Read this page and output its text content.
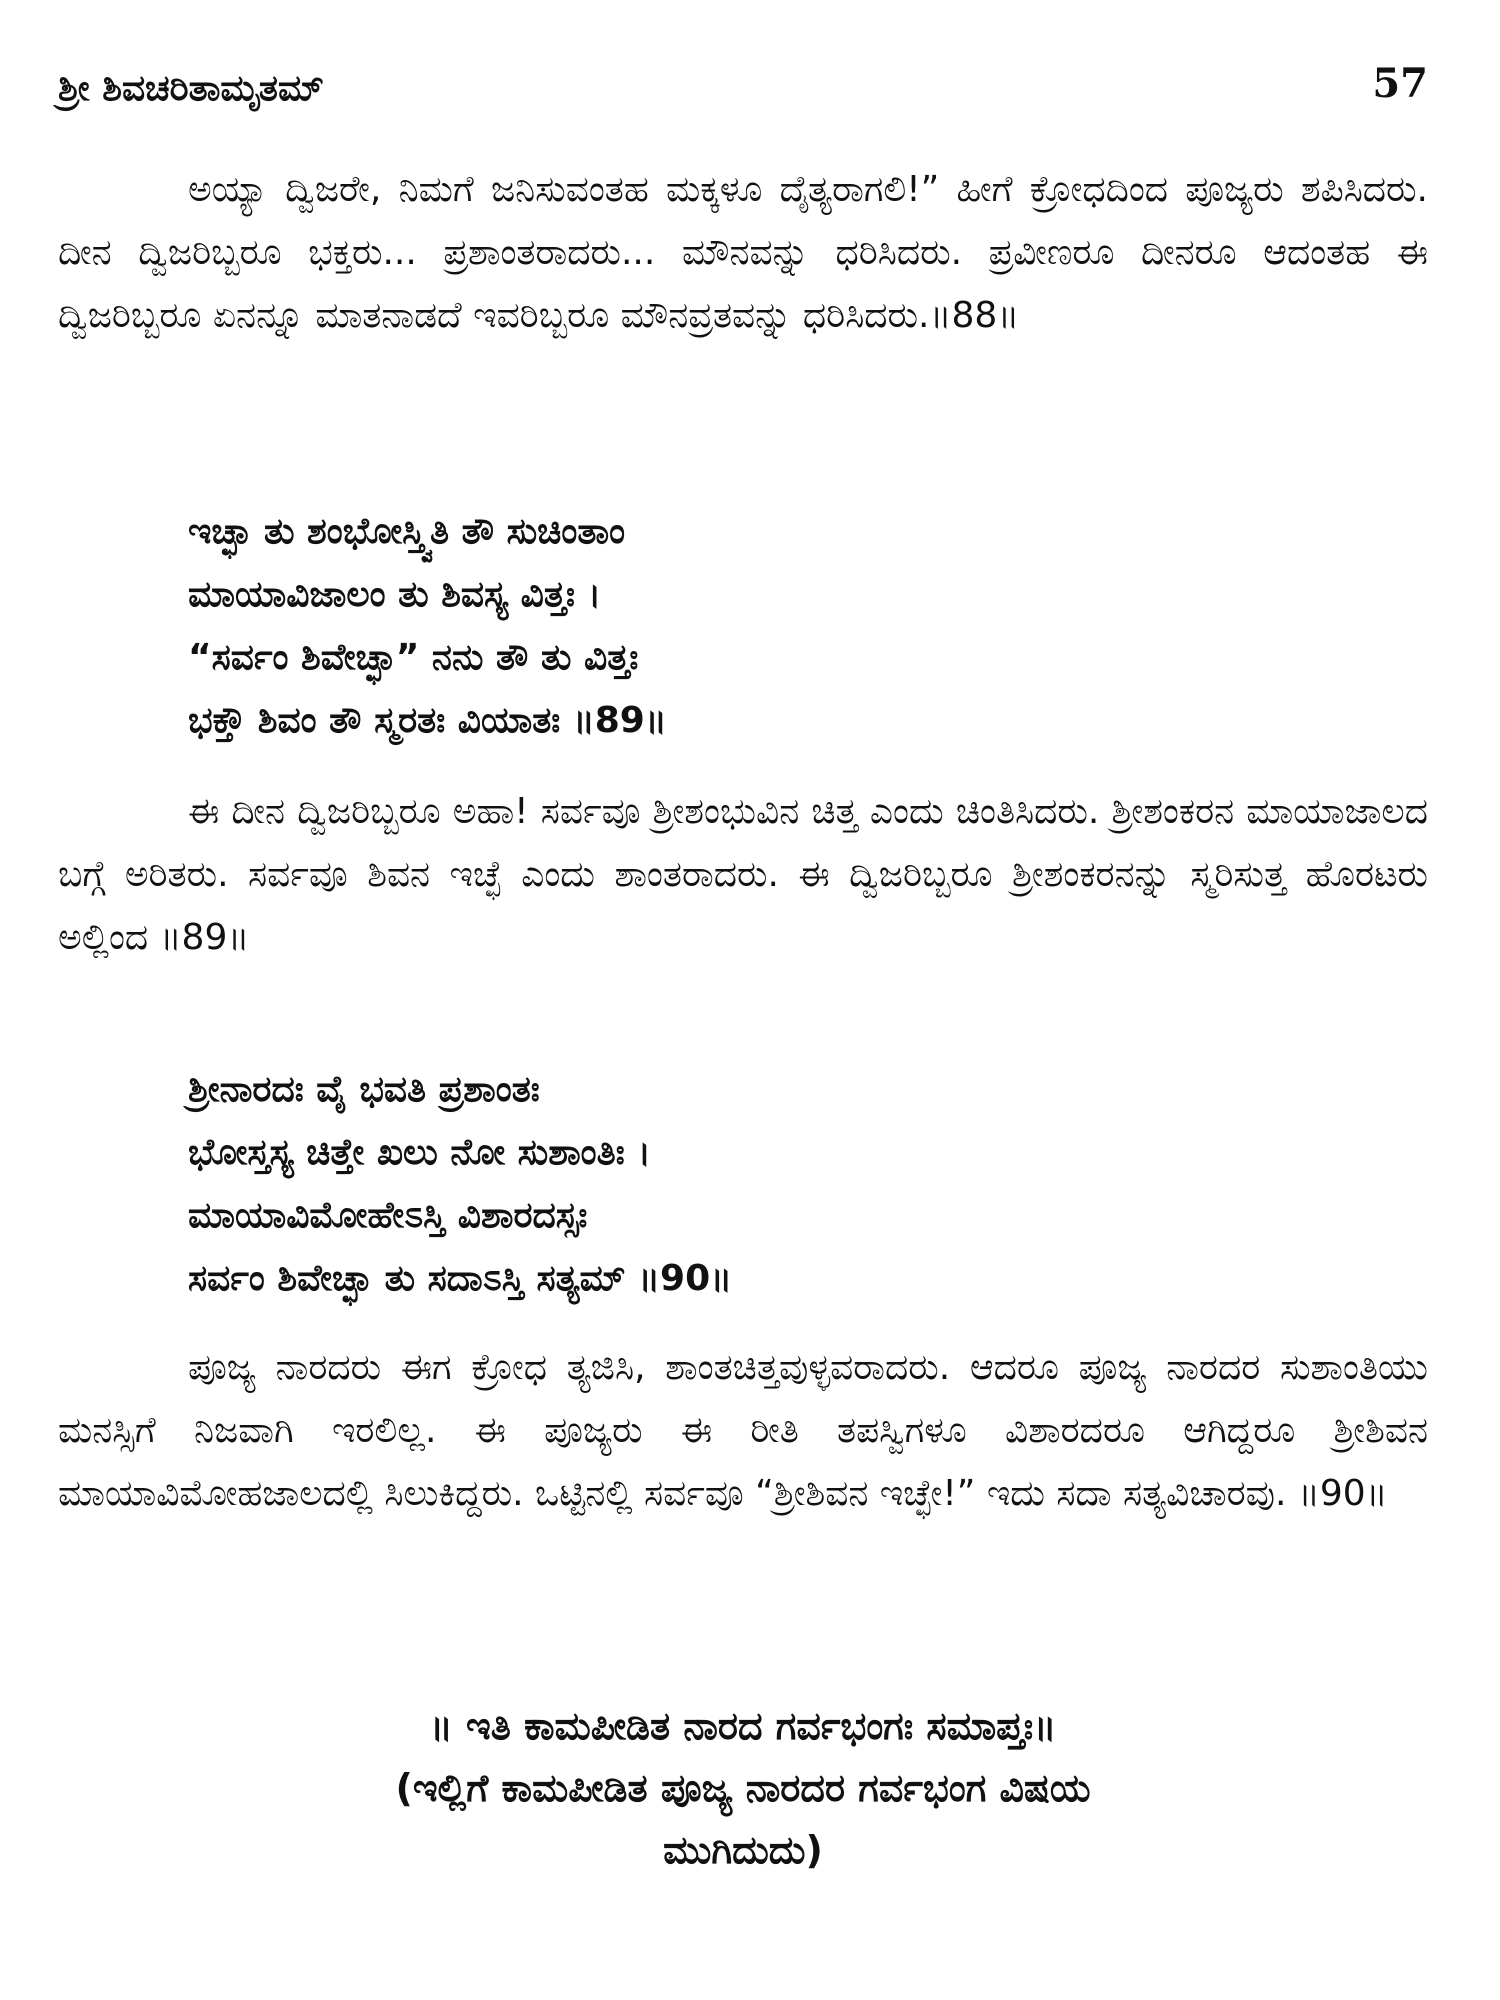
ಶ್ರೀ ಶಿವಚರಿತಾಮೃತಮ್	57

ಅಯ್ಯಾ ದ್ವಿಜರೇ, ನಿಮಗೆ ಜನಿಸುವಂತಹ ಮಕ್ಕಳೂ ದೈತ್ಯರಾಗಲಿ!” ಹೀಗೆ ಕ್ರೋಧದಿಂದ ಪೂಜ್ಯರು ಶಪಿಸಿದರು. ದೀನ ದ್ವಿಜರಿಬ್ಬರೂ ಭಕ್ತರು... ಪ್ರಶಾಂತರಾದರು... ಮೌನವನ್ನು ಧರಿಸಿದರು. ಪ್ರವೀಣರೂ ದೀನರೂ ಆದಂತಹ ಈ ದ್ವಿಜರಿಬ್ಬರೂ ಏನನ್ನೂ ಮಾತನಾಡದೆ ಇವರಿಬ್ಬರೂ ಮೌನವ್ರತವನ್ನು ಧರಿಸಿದರು.॥88॥

ಇಚ್ಛಾ ತು ಶಂಭೋಸ್ತ್ವಿತಿ ತೌ ಸುಚಿಂತಾಂ
ಮಾಯಾವಿಜಾಲಂ ತು ಶಿವಸ್ಯ ವಿತ್ತಃ ।
“ಸರ್ವಂ ಶಿವೇಚ್ಛಾ” ನನು ತೌ ತು ವಿತ್ತಃ
ಭಕ್ತೌ ಶಿವಂ ತೌ ಸ್ಮರತಃ ವಿಯಾತಃ ॥89॥

ಈ ದೀನ ದ್ವಿಜರಿಬ್ಬರೂ ಅಹಾ! ಸರ್ವವೂ ಶ್ರೀಶಂಭುವಿನ ಚಿತ್ತ ಎಂದು ಚಿಂತಿಸಿದರು. ಶ್ರೀಶಂಕರನ ಮಾಯಾಜಾಲದ ಬಗ್ಗೆ ಅರಿತರು. ಸರ್ವವೂ ಶಿವನ ಇಚ್ಛೆ ಎಂದು ಶಾಂತರಾದರು. ಈ ದ್ವಿಜರಿಬ್ಬರೂ ಶ್ರೀಶಂಕರನನ್ನು ಸ್ಮರಿಸುತ್ತ ಹೊರಟರು ಅಲ್ಲಿಂದ ॥89॥

ಶ್ರೀನಾರದಃ ವೈ ಭವತಿ ಪ್ರಶಾಂತಃ
ಭೋಸ್ತಸ್ಯ ಚಿತ್ತೇ ಖಲು ನೋ ಸುಶಾಂತಿಃ ।
ಮಾಯಾವಿಮೋಹೇಽಸ್ತಿ ವಿಶಾರದಸ್ಸಃ
ಸರ್ವಂ ಶಿವೇಚ್ಛಾ ತು ಸದಾಽಸ್ತಿ ಸತ್ಯಮ್ ॥90॥

ಪೂಜ್ಯ ನಾರದರು ಈಗ ಕ್ರೋಧ ತ್ಯಜಿಸಿ, ಶಾಂತಚಿತ್ತವುಳ್ಳವರಾದರು. ಆದರೂ ಪೂಜ್ಯ ನಾರದರ ಸುಶಾಂತಿಯು ಮನಸ್ಸಿಗೆ ನಿಜವಾಗಿ ಇರಲಿಲ್ಲ. ಈ ಪೂಜ್ಯರು ಈ ರೀತಿ ತಪಸ್ವಿಗಳೂ ವಿಶಾರದರೂ ಆಗಿದ್ದರೂ ಶ್ರೀಶಿವನ ಮಾಯಾವಿಮೋಹಜಾಲದಲ್ಲಿ ಸಿಲುಕಿದ್ದರು. ಒಟ್ಟಿನಲ್ಲಿ ಸರ್ವವೂ “ಶ್ರೀಶಿವನ ಇಚ್ಛೇ!” ಇದು ಸದಾ ಸತ್ಯವಿಚಾರವು. ॥90॥

॥ ಇತಿ ಕಾಮಪೀಡಿತ ನಾರದ ಗರ್ವಭಂಗಃ ಸಮಾಪ್ತಃ॥
(ಇಲ್ಲಿಗೆ ಕಾಮಪೀಡಿತ ಪೂಜ್ಯ ನಾರದರ ಗರ್ವಭಂಗ ವಿಷಯ
ಮುಗಿದುದು)
